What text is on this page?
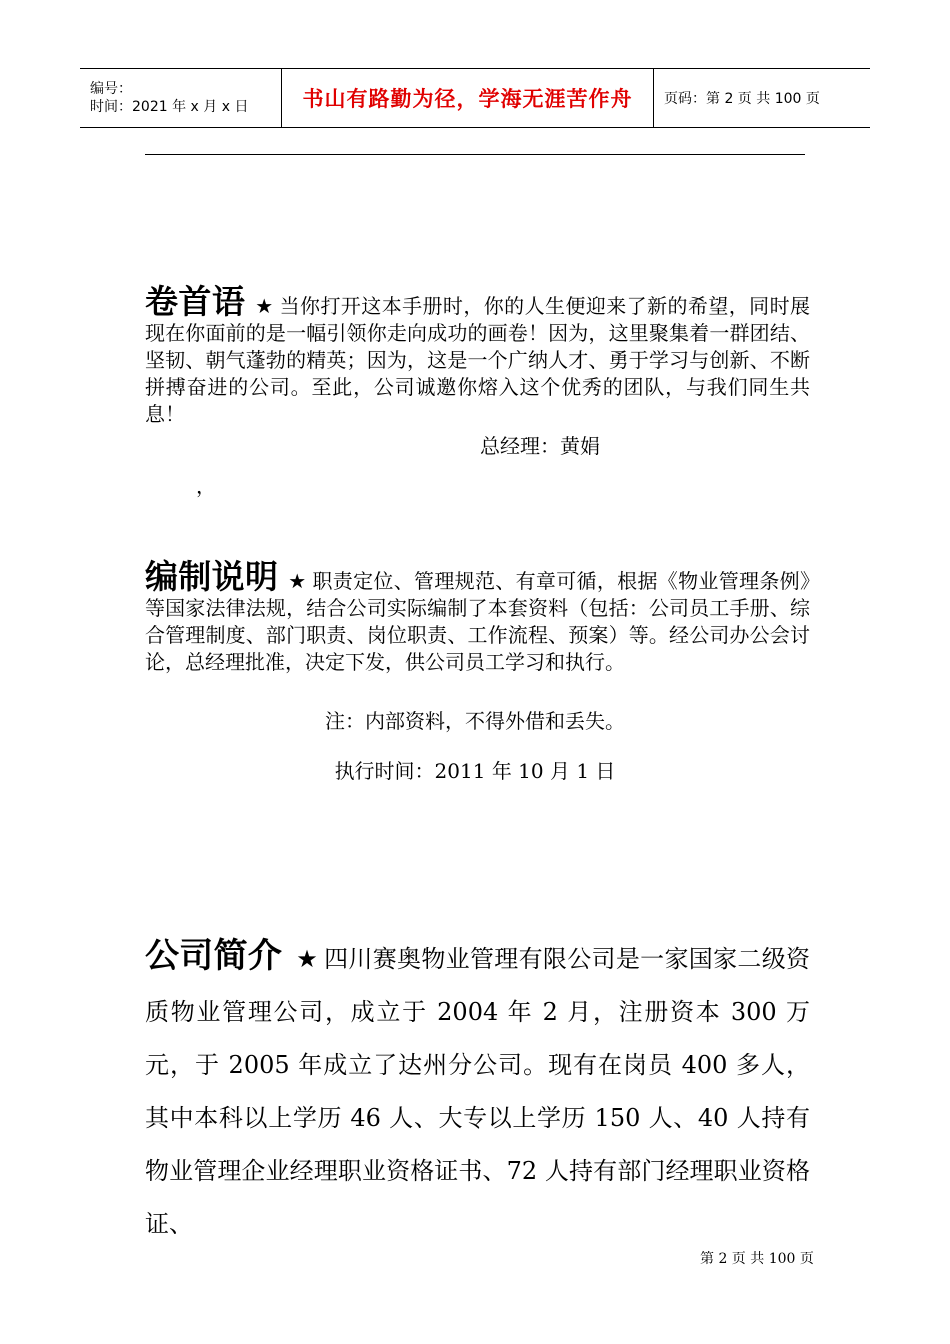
编号：
时间：2021 年 x 月 x 日	书山有路勤为径，学海无涯苦作舟	页码：第 2 页 共 100 页

卷首语 ★ 当你打开这本手册时，你的人生便迎来了新的希望，同时展现在你面前的是一幅引领你走向成功的画卷！因为，这里聚集着一群团结、坚韧、朝气蓬勃的精英；因为，这是一个广纳人才、勇于学习与创新、不断拼搏奋进的公司。至此，公司诚邀你熔入这个优秀的团队，与我们同生共息！

总经理：黄娟
，

编制说明 ★ 职责定位、管理规范、有章可循，根据《物业管理条例》等国家法律法规，结合公司实际编制了本套资料（包括：公司员工手册、综合管理制度、部门职责、岗位职责、工作流程、预案）等。经公司办公会讨论，总经理批准，决定下发，供公司员工学习和执行。

注：内部资料，不得外借和丢失。
执行时间：2011 年 10 月 1 日

公司简介 ★ 四川赛奥物业管理有限公司是一家国家二级资质物业管理公司，成立于 2004 年 2 月，注册资本 300 万元，于 2005 年成立了达州分公司。现有在岗员 400 多人，其中本科以上学历 46 人、大专以上学历 150 人、40 人持有物业管理企业经理职业资格证书、72 人持有部门经理职业资格证、

第 2 页 共 100 页
